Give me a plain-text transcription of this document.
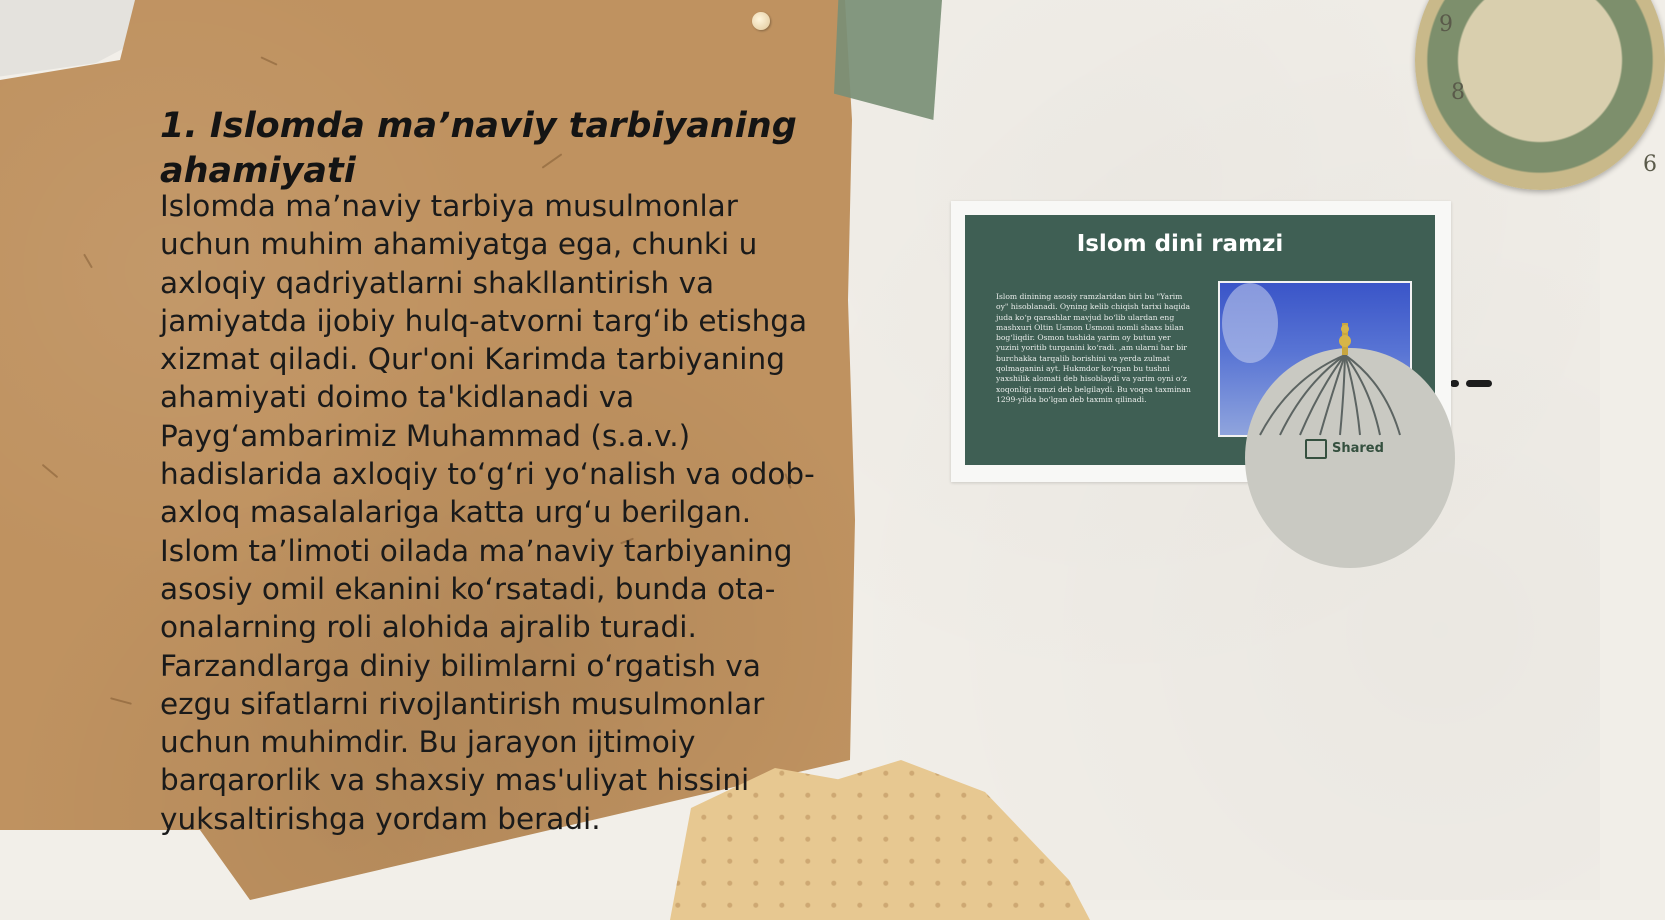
9
8
6
1. Islomda ma’naviy tarbiyaning ahamiyati

Islomda ma’naviy tarbiya musulmonlar uchun muhim ahamiyatga ega, chunki u axloqiy qadriyatlarni shakllantirish va jamiyatda ijobiy hulq-atvorni targ‘ib etishga xizmat qiladi. Qur'oni Karimda tarbiyaning ahamiyati doimo ta'kidlanadi va Payg‘ambarimiz Muhammad (s.a.v.) hadislarida axloqiy to‘g‘ri yo‘nalish va odob-axloq masalalariga katta urg‘u berilgan. Islom ta’limoti oilada ma’naviy tarbiyaning asosiy omil ekanini ko‘rsatadi, bunda ota-onalarning roli alohida ajralib turadi. Farzandlarga diniy bilimlarni o‘rgatish va ezgu sifatlarni rivojlantirish musulmonlar uchun muhimdir. Bu jarayon ijtimoiy barqarorlik va shaxsiy mas'uliyat hissini yuksaltirishga yordam beradi.

Islom dini ramzi
Islom dinining asosiy ramzlaridan biri bu "Yarim oy" hisoblanadi. Oyning kelib chiqish tarixi haqida juda ko‘p qarashlar mavjud bo‘lib ulardan eng mashxuri Oltin Usmon Usmoni nomli shaxs bilan bog‘liqdir. Osmon tushida yarim oy butun yer yuzini yoritib turganini ko‘radi. ,am ularni har bir burchakka tarqalib borishini va yerda zulmat qolmaganini ayt. Hukmdor ko‘rgan bu tushni yaxshilik alomati deb hisoblaydi va yarim oyni o‘z xoqonligi ramzi deb belgilaydi. Bu voqea taxminan 1299-yilda bo‘lgan deb taxmin qilinadi.
Shared
